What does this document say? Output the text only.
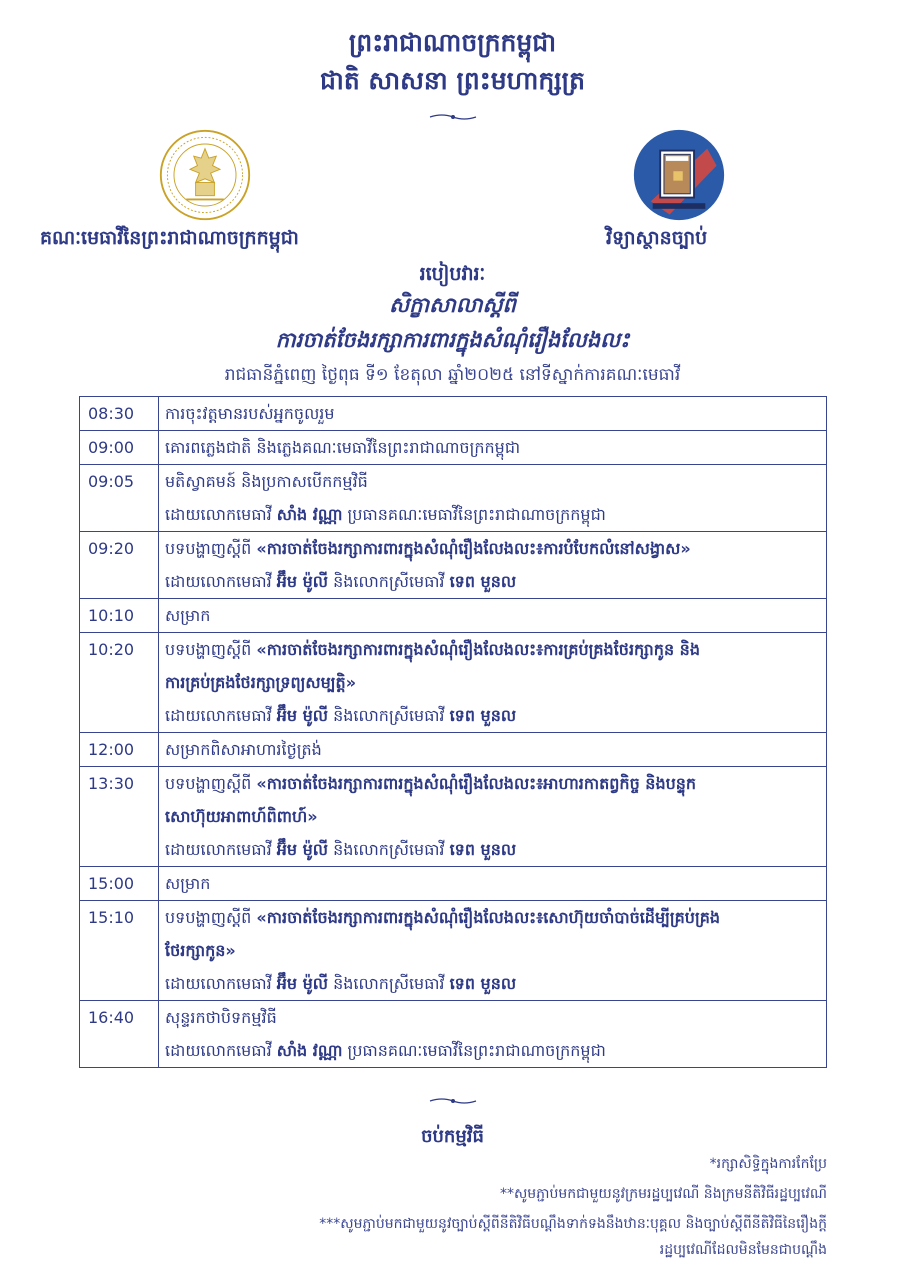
ព្រះរាជាណាចក្រកម្ពុជា
ជាតិ សាសនា ព្រះមហាក្សត្រ
គណៈមេធាវីនៃព្រះរាជាណាចក្រកម្ពុជា	វិទ្យាស្ថានច្បាប់
របៀបវារៈ
សិក្ខាសាលាស្តីពី
ការចាត់ចែងរក្សាការពារក្នុងសំណុំរឿងលែងលះ
រាជធានីភ្នំពេញ ថ្ងៃពុធ ទី១ ខែតុលា ឆ្នាំ២០២៥ នៅទីស្នាក់ការគណៈមេធាវី
08:30	ការចុះវត្តមានរបស់អ្នកចូលរួម

09:00	គោរពភ្លេងជាតិ និងភ្លេងគណៈមេធាវីនៃព្រះរាជាណាចក្រកម្ពុជា

09:05	មតិស្វាគមន៍ និងប្រកាសបើកកម្មវិធី
ដោយលោកមេធាវី សាំង វណ្ណា ប្រធានគណៈមេធាវីនៃព្រះរាជាណាចក្រកម្ពុជា

09:20	បទបង្ហាញស្តីពី «ការចាត់ចែងរក្សាការពារក្នុងសំណុំរឿងលែងលះ៖ការបំបែកលំនៅសង្វាស»
ដោយលោកមេធាវី អ៊ឹម ម៉ូលី និងលោកស្រីមេធាវី ទេព មួនល

10:10	សម្រាក

10:20	បទបង្ហាញស្តីពី «ការចាត់ចែងរក្សាការពារក្នុងសំណុំរឿងលែងលះ៖ការគ្រប់គ្រងថែរក្សាកូន និង
ការគ្រប់គ្រងថែរក្សាទ្រព្យសម្បត្តិ»
ដោយលោកមេធាវី អ៊ឹម ម៉ូលី និងលោកស្រីមេធាវី ទេព មួនល

12:00	សម្រាកពិសាអាហារថ្ងៃត្រង់

13:30	បទបង្ហាញស្តីពី «ការចាត់ចែងរក្សាការពារក្នុងសំណុំរឿងលែងលះ៖អាហារកាតព្វកិច្ច និងបន្ទុក
សោហ៊ុយអាពាហ៍ពិពាហ៍»
ដោយលោកមេធាវី អ៊ឹម ម៉ូលី និងលោកស្រីមេធាវី ទេព មួនល

15:00	សម្រាក

15:10	បទបង្ហាញស្តីពី «ការចាត់ចែងរក្សាការពារក្នុងសំណុំរឿងលែងលះ៖សោហ៊ុយចាំបាច់ដើម្បីគ្រប់គ្រង
ថែរក្សាកូន»
ដោយលោកមេធាវី អ៊ឹម ម៉ូលី និងលោកស្រីមេធាវី ទេព មួនល

16:40	សុន្ទរកថាបិទកម្មវិធី
ដោយលោកមេធាវី សាំង វណ្ណា ប្រធានគណៈមេធាវីនៃព្រះរាជាណាចក្រកម្ពុជា
ចប់កម្មវិធី
*រក្សាសិទ្ធិក្នុងការកែប្រែ
**សូមភ្ជាប់មកជាមួយនូវក្រមរដ្ឋប្បវេណី និងក្រមនីតិវិធីរដ្ឋប្បវេណី
***សូមភ្ជាប់មកជាមួយនូវច្បាប់ស្តីពីនីតិវិធីបណ្តឹងទាក់ទងនឹងឋានៈបុគ្គល និងច្បាប់ស្តីពីនីតិវិធីនៃរឿងក្តី
រដ្ឋប្បវេណីដែលមិនមែនជាបណ្តឹង
